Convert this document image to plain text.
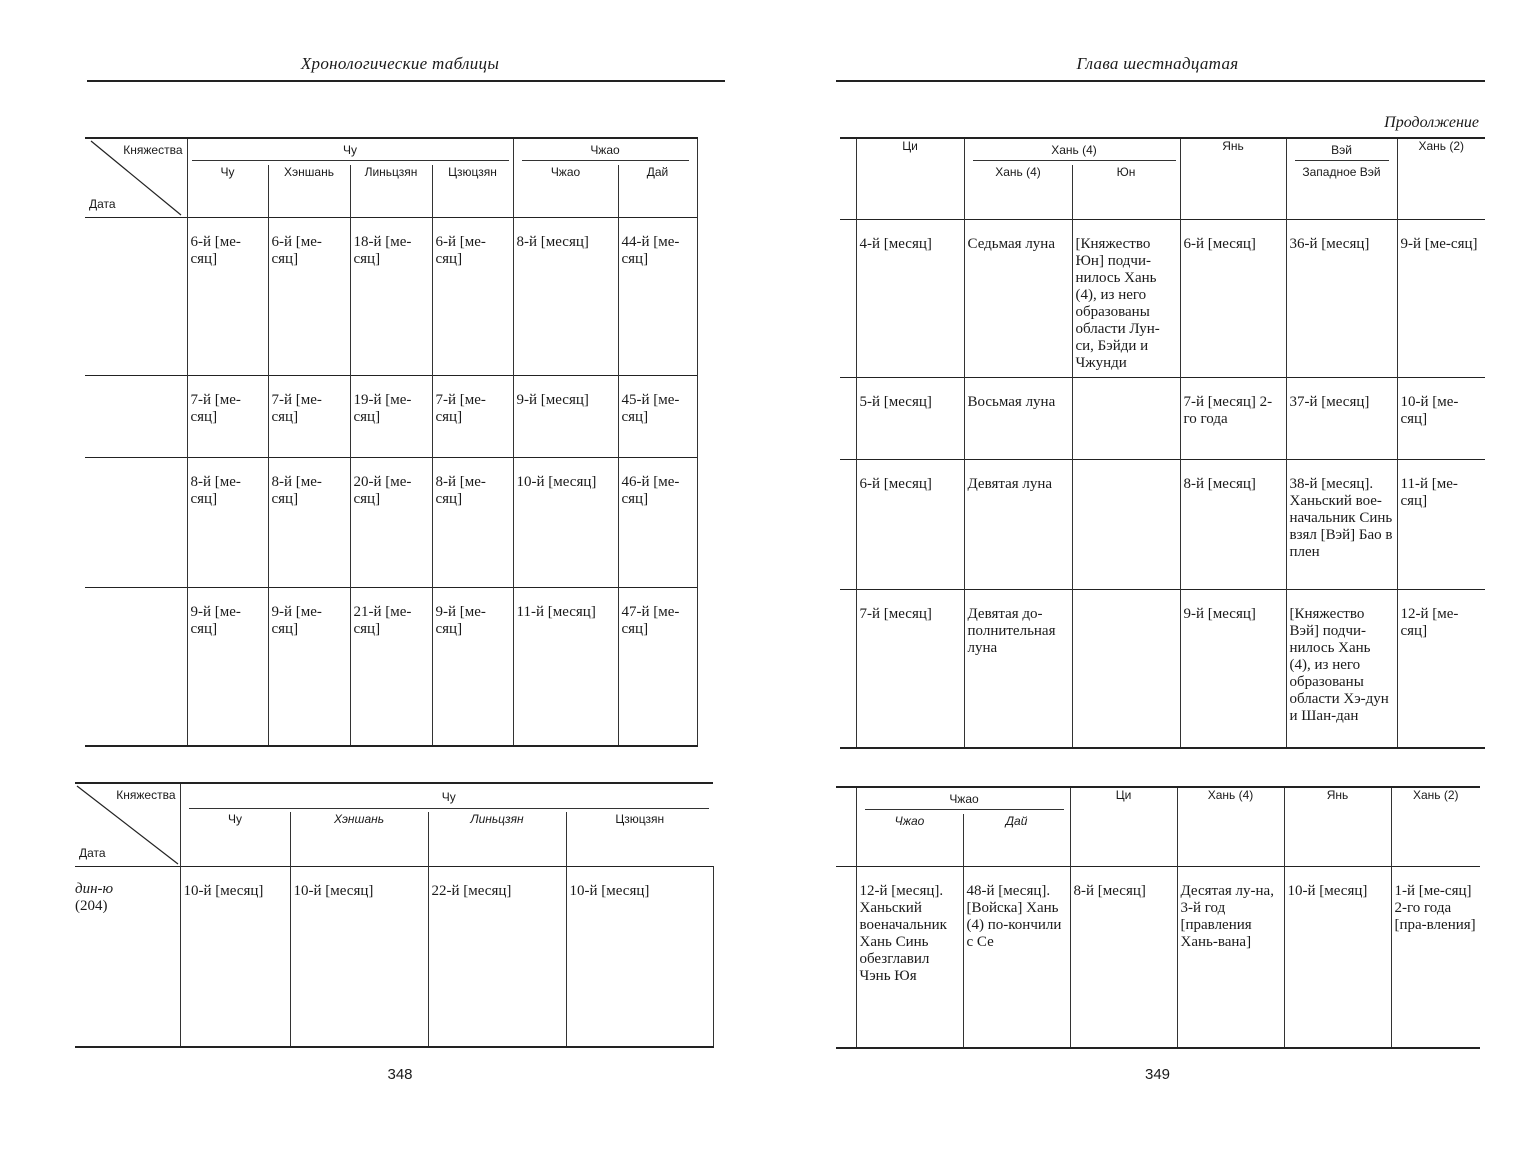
Хронологические таблицы
Княжества
Дата	Чу				Чжао	

	Чу	Хэншань	Линьцзян	Цзюцзян	Чжао	Дай
	6-й [ме-сяц]	6-й [ме-сяц]	18-й [ме-сяц]	6-й [ме-сяц]	8-й [месяц]	44-й [ме-сяц]
	7-й [ме-сяц]	7-й [ме-сяц]	19-й [ме-сяц]	7-й [ме-сяц]	9-й [месяц]	45-й [ме-сяц]
	8-й [ме-сяц]	8-й [ме-сяц]	20-й [ме-сяц]	8-й [ме-сяц]	10-й [месяц]	46-й [ме-сяц]
	9-й [ме-сяц]	9-й [ме-сяц]	21-й [ме-сяц]	9-й [ме-сяц]	11-й [месяц]	47-й [ме-сяц]
Княжества
Дата	Чу			

	Чу	Хэншань	Линьцзян	Цзюцзян

дин-ю
(204)	10-й [месяц]	10-й [месяц]	22-й [месяц]	10-й [месяц]
348
Глава шестнадцатая
Продолжение
	Ци	Хань (4)		Янь	Вэй	Хань (2)
		Хань (4)	Юн		Западное Вэй	
	4-й [месяц]	Седьмая луна	[Княжество Юн] подчи-нилось Хань (4), из него образованы области Лун-си, Бэйди и Чжунди	6-й [месяц]	36-й [месяц]	9-й [ме-сяц]
	5-й [месяц]	Восьмая луна		7-й [месяц] 2-го года	37-й [месяц]	10-й [ме-сяц]
	6-й [месяц]	Девятая луна		8-й [месяц]	38-й [месяц]. Ханьский вое-начальник Синь взял [Вэй] Бао в плен	11-й [ме-сяц]
	7-й [месяц]	Девятая до-полнительная луна		9-й [месяц]	[Княжество Вэй] подчи-нилось Хань (4), из него образованы области Хэ-дун и Шан-дан	12-й [ме-сяц]

	Чжао		Ци	Хань (4)	Янь	Хань (2)
	Чжао	Дай				
	12-й [месяц]. Ханьский военачальник Хань Синь обезглавил Чэнь Юя	48-й [месяц]. [Войска] Хань (4) по-кончили с Се	8-й [месяц]	Десятая лу-на, 3-й год [правления Хань-вана]	10-й [месяц]	1-й [ме-сяц] 2-го года [пра-вления]
349
